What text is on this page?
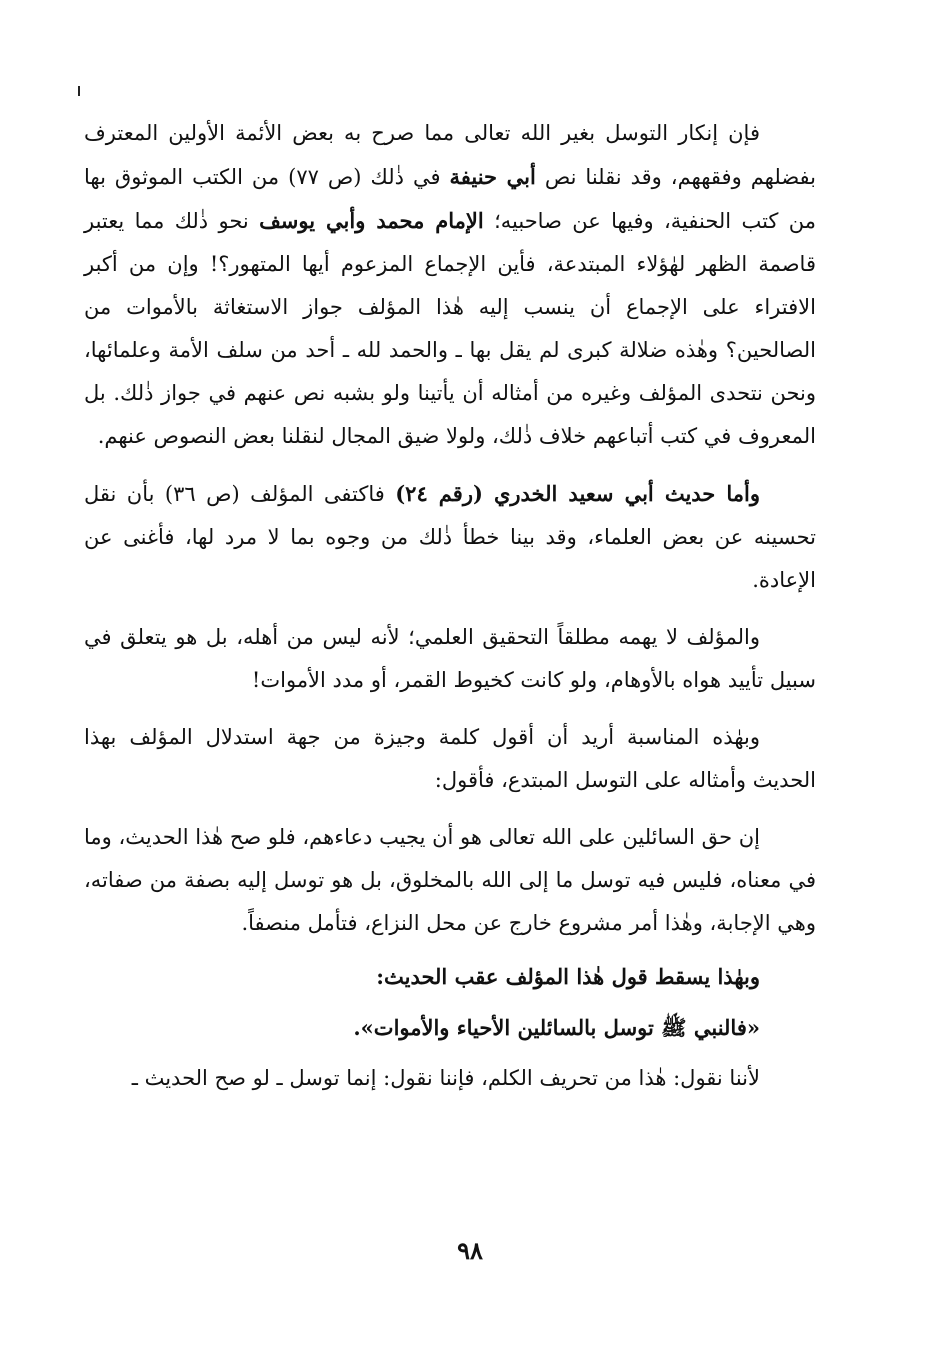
فإن إنكار التوسل بغير الله تعالى مما صرح به بعض الأئمة الأولين المعترف بفضلهم وفقههم، وقد نقلنا نص أبي حنيفة في ذٰلك (ص ٧٧) من الكتب الموثوق بها من كتب الحنفية، وفيها عن صاحبيه؛ الإمام محمد وأبي يوسف نحو ذٰلك مما يعتبر قاصمة الظهر لهٰؤلاء المبتدعة، فأين الإجماع المزعوم أيها المتهور؟! وإن من أكبر الافتراء على الإجماع أن ينسب إليه هٰذا المؤلف جواز الاستغاثة بالأموات من الصالحين؟ وهٰذه ضلالة كبرى لم يقل بها ـ والحمد لله ـ أحد من سلف الأمة وعلمائها، ونحن نتحدى المؤلف وغيره من أمثاله أن يأتينا ولو بشبه نص عنهم في جواز ذٰلك. بل المعروف في كتب أتباعهم خلاف ذٰلك، ولولا ضيق المجال لنقلنا بعض النصوص عنهم.

وأما حديث أبي سعيد الخدري (رقم ٢٤) فاكتفى المؤلف (ص ٣٦) بأن نقل تحسينه عن بعض العلماء، وقد بينا خطأ ذٰلك من وجوه بما لا مرد لها، فأغنى عن الإعادة.

والمؤلف لا يهمه مطلقاً التحقيق العلمي؛ لأنه ليس من أهله، بل هو يتعلق في سبيل تأييد هواه بالأوهام، ولو كانت كخيوط القمر، أو مدد الأموات!

وبهٰذه المناسبة أريد أن أقول كلمة وجيزة من جهة استدلال المؤلف بهذا الحديث وأمثاله على التوسل المبتدع، فأقول:

إن حق السائلين على الله تعالى هو أن يجيب دعاءهم، فلو صح هٰذا الحديث، وما في معناه، فليس فيه توسل ما إلى الله بالمخلوق، بل هو توسل إليه بصفة من صفاته، وهي الإجابة، وهٰذا أمر مشروع خارج عن محل النزاع، فتأمل منصفاً.

وبهٰذا يسقط قول هٰذا المؤلف عقب الحديث:

«فالنبي ﷺ توسل بالسائلين الأحياء والأموات».

لأننا نقول: هٰذا من تحريف الكلم، فإننا نقول: إنما توسل ـ لو صح الحديث ـ

٩٨
